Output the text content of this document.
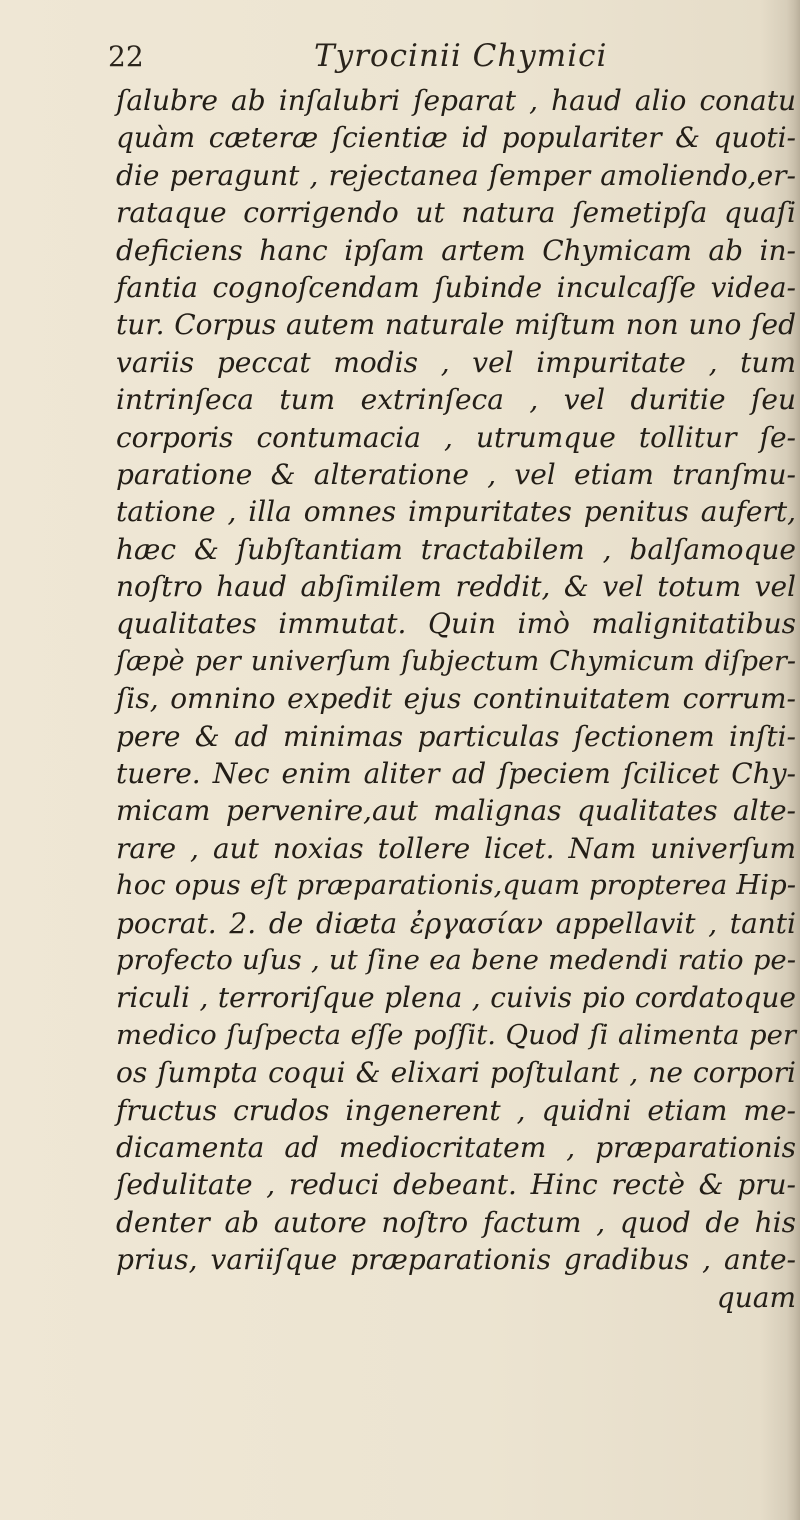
22	Tyrocinii Chymici
ſalubre ab inſalubri ſeparat , haud alio conatu
quàm cæteræ ſcientiæ id populariter & quoti-
die peragunt , rejectanea ſemper amoliendo,er-
rataque corrigendo ut natura ſemetipſa quaſi
deficiens hanc ipſam artem Chymicam ab in-
fantia cognoſcendam ſubinde inculcaſſe videa-
tur. Corpus autem naturale miſtum non uno ſed
variis peccat modis , vel impuritate , tum
intrinſeca tum extrinſeca , vel duritie ſeu
corporis contumacia , utrumque tollitur ſe-
paratione & alteratione , vel etiam tranſmu-
tatione , illa omnes impuritates penitus aufert,
hæc & ſubſtantiam tractabilem , balſamoque
noſtro haud abſimilem reddit, & vel totum vel
qualitates immutat. Quin imò malignitatibus
ſæpè per univerſum ſubjectum Chymicum diſper-
ſis, omnino expedit ejus continuitatem corrum-
pere & ad minimas particulas ſectionem inſti-
tuere. Nec enim aliter ad ſpeciem ſcilicet Chy-
micam pervenire,aut malignas qualitates alte-
rare , aut noxias tollere licet. Nam univerſum
hoc opus eſt præparationis,quam propterea Hip-
pocrat. 2. de diæta ἐργασίαν appellavit , tanti
profecto uſus , ut ſine ea bene medendi ratio pe-
riculi , terroriſque plena , cuivis pio cordatoque
medico ſuſpecta eſſe poſſit. Quod ſi alimenta per
os ſumpta coqui & elixari poſtulant , ne corpori
fructus crudos ingenerent , quidni etiam me-
dicamenta ad mediocritatem , præparationis
ſedulitate , reduci debeant. Hinc rectè & pru-
denter ab autore noſtro factum , quod de his
prius, variiſque præparationis gradibus , ante-
quam
